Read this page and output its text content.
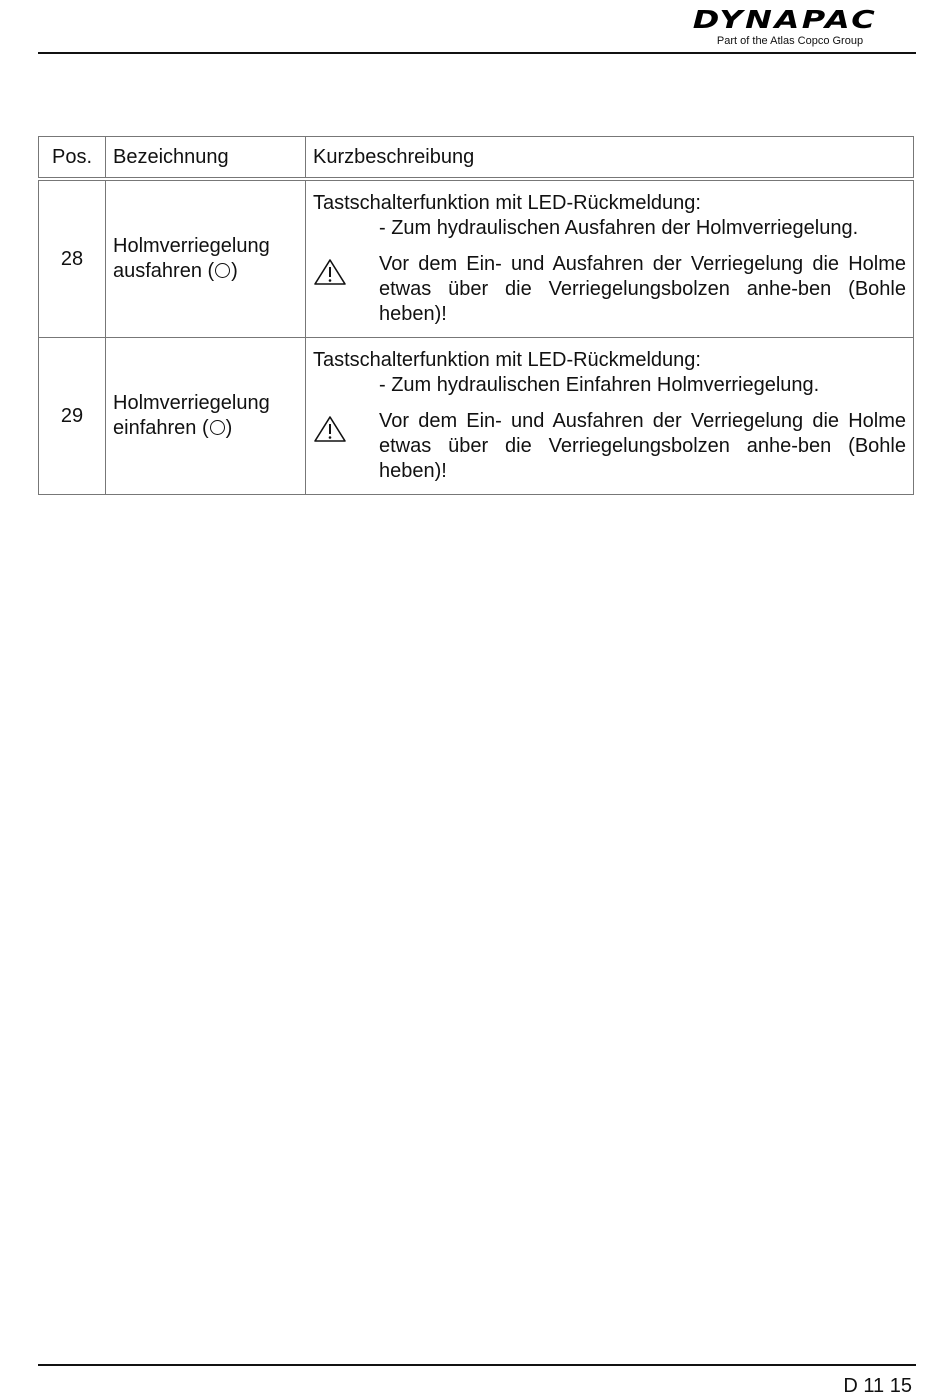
DYNAPAC
Part of the Atlas Copco Group
Pos.	Bezeichnung	Kurzbeschreibung
28	Holmverriegelung
ausfahren ( )	Tastschalterfunktion mit LED-Rückmeldung:
- Zum hydraulischen Ausfahren der Holmverriegelung.
Vor dem Ein- und Ausfahren der Verriegelung die Holme etwas über die Verriegelungsbolzen anhe-ben (Bohle heben)!

29	Holmverriegelung
einfahren ( )	Tastschalterfunktion mit LED-Rückmeldung:
- Zum hydraulischen Einfahren Holmverriegelung.
Vor dem Ein- und Ausfahren der Verriegelung die Holme etwas über die Verriegelungsbolzen anhe-ben (Bohle heben)!
D 11 15
